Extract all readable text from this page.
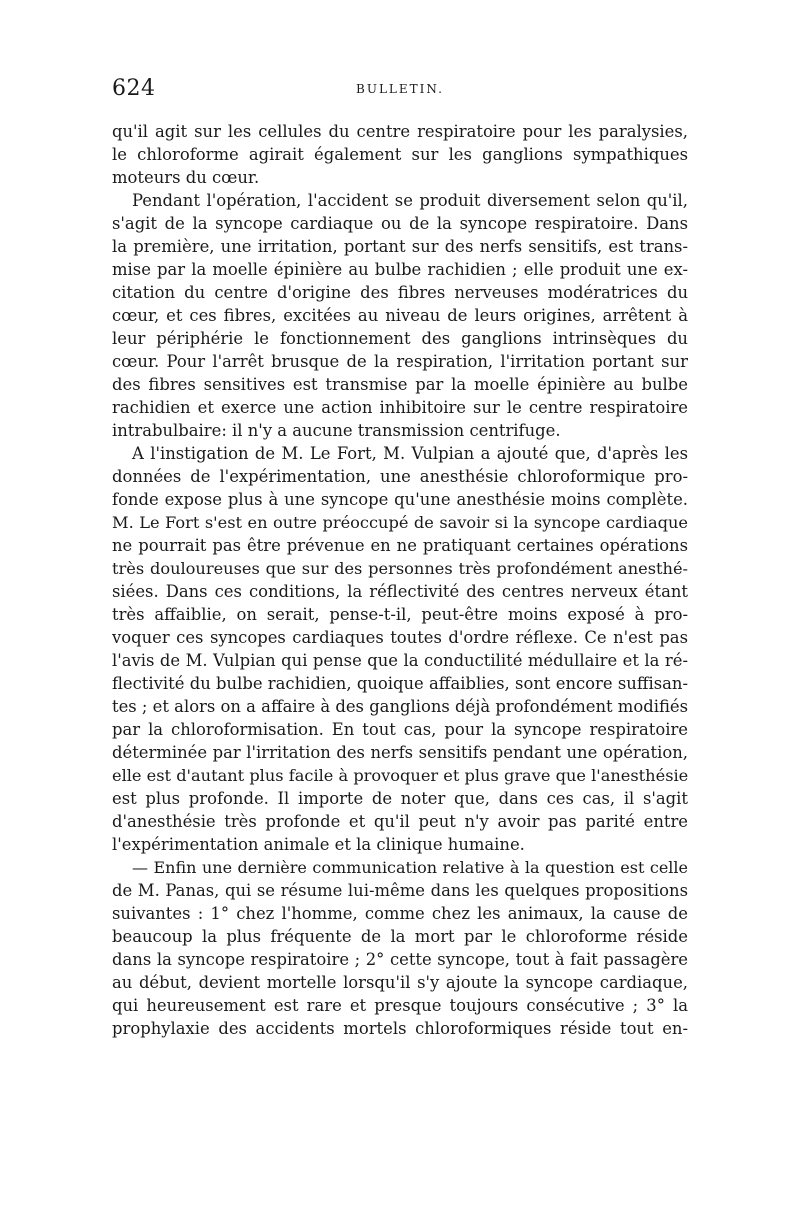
624	BULLETIN.
qu'il agit sur les cellules du centre respiratoire pour les paralysies,
le chloroforme agirait également sur les ganglions sympathiques
moteurs du cœur.
Pendant l'opération, l'accident se produit diversement selon qu'il,
s'agit de la syncope cardiaque ou de la syncope respiratoire. Dans
la première, une irritation, portant sur des nerfs sensitifs, est trans-
mise par la moelle épinière au bulbe rachidien ; elle produit une ex-
citation du centre d'origine des fibres nerveuses modératrices du
cœur, et ces fibres, excitées au niveau de leurs origines, arrêtent à
leur périphérie le fonctionnement des ganglions intrinsèques du
cœur. Pour l'arrêt brusque de la respiration, l'irritation portant sur
des fibres sensitives est transmise par la moelle épinière au bulbe
rachidien et exerce une action inhibitoire sur le centre respiratoire
intrabulbaire: il n'y a aucune transmission centrifuge.
A l'instigation de M. Le Fort, M. Vulpian a ajouté que, d'après les
données de l'expérimentation, une anesthésie chloroformique pro-
fonde expose plus à une syncope qu'une anesthésie moins complète.
M. Le Fort s'est en outre préoccupé de savoir si la syncope cardiaque
ne pourrait pas être prévenue en ne pratiquant certaines opérations
très douloureuses que sur des personnes très profondément anesthé-
siées. Dans ces conditions, la réflectivité des centres nerveux étant
très affaiblie, on serait, pense-t-il, peut-être moins exposé à pro-
voquer ces syncopes cardiaques toutes d'ordre réflexe. Ce n'est pas
l'avis de M. Vulpian qui pense que la conductilité médullaire et la ré-
flectivité du bulbe rachidien, quoique affaiblies, sont encore suffisan-
tes ; et alors on a affaire à des ganglions déjà profondément modifiés
par la chloroformisation. En tout cas, pour la syncope respiratoire
déterminée par l'irritation des nerfs sensitifs pendant une opération,
elle est d'autant plus facile à provoquer et plus grave que l'anesthésie
est plus profonde. Il importe de noter que, dans ces cas, il s'agit
d'anesthésie très profonde et qu'il peut n'y avoir pas parité entre
l'expérimentation animale et la clinique humaine.
— Enfin une dernière communication relative à la question est celle
de M. Panas, qui se résume lui-même dans les quelques propositions
suivantes : 1° chez l'homme, comme chez les animaux, la cause de
beaucoup la plus fréquente de la mort par le chloroforme réside
dans la syncope respiratoire ; 2° cette syncope, tout à fait passagère
au début, devient mortelle lorsqu'il s'y ajoute la syncope cardiaque,
qui heureusement est rare et presque toujours consécutive ; 3° la
prophylaxie des accidents mortels chloroformiques réside tout en-
